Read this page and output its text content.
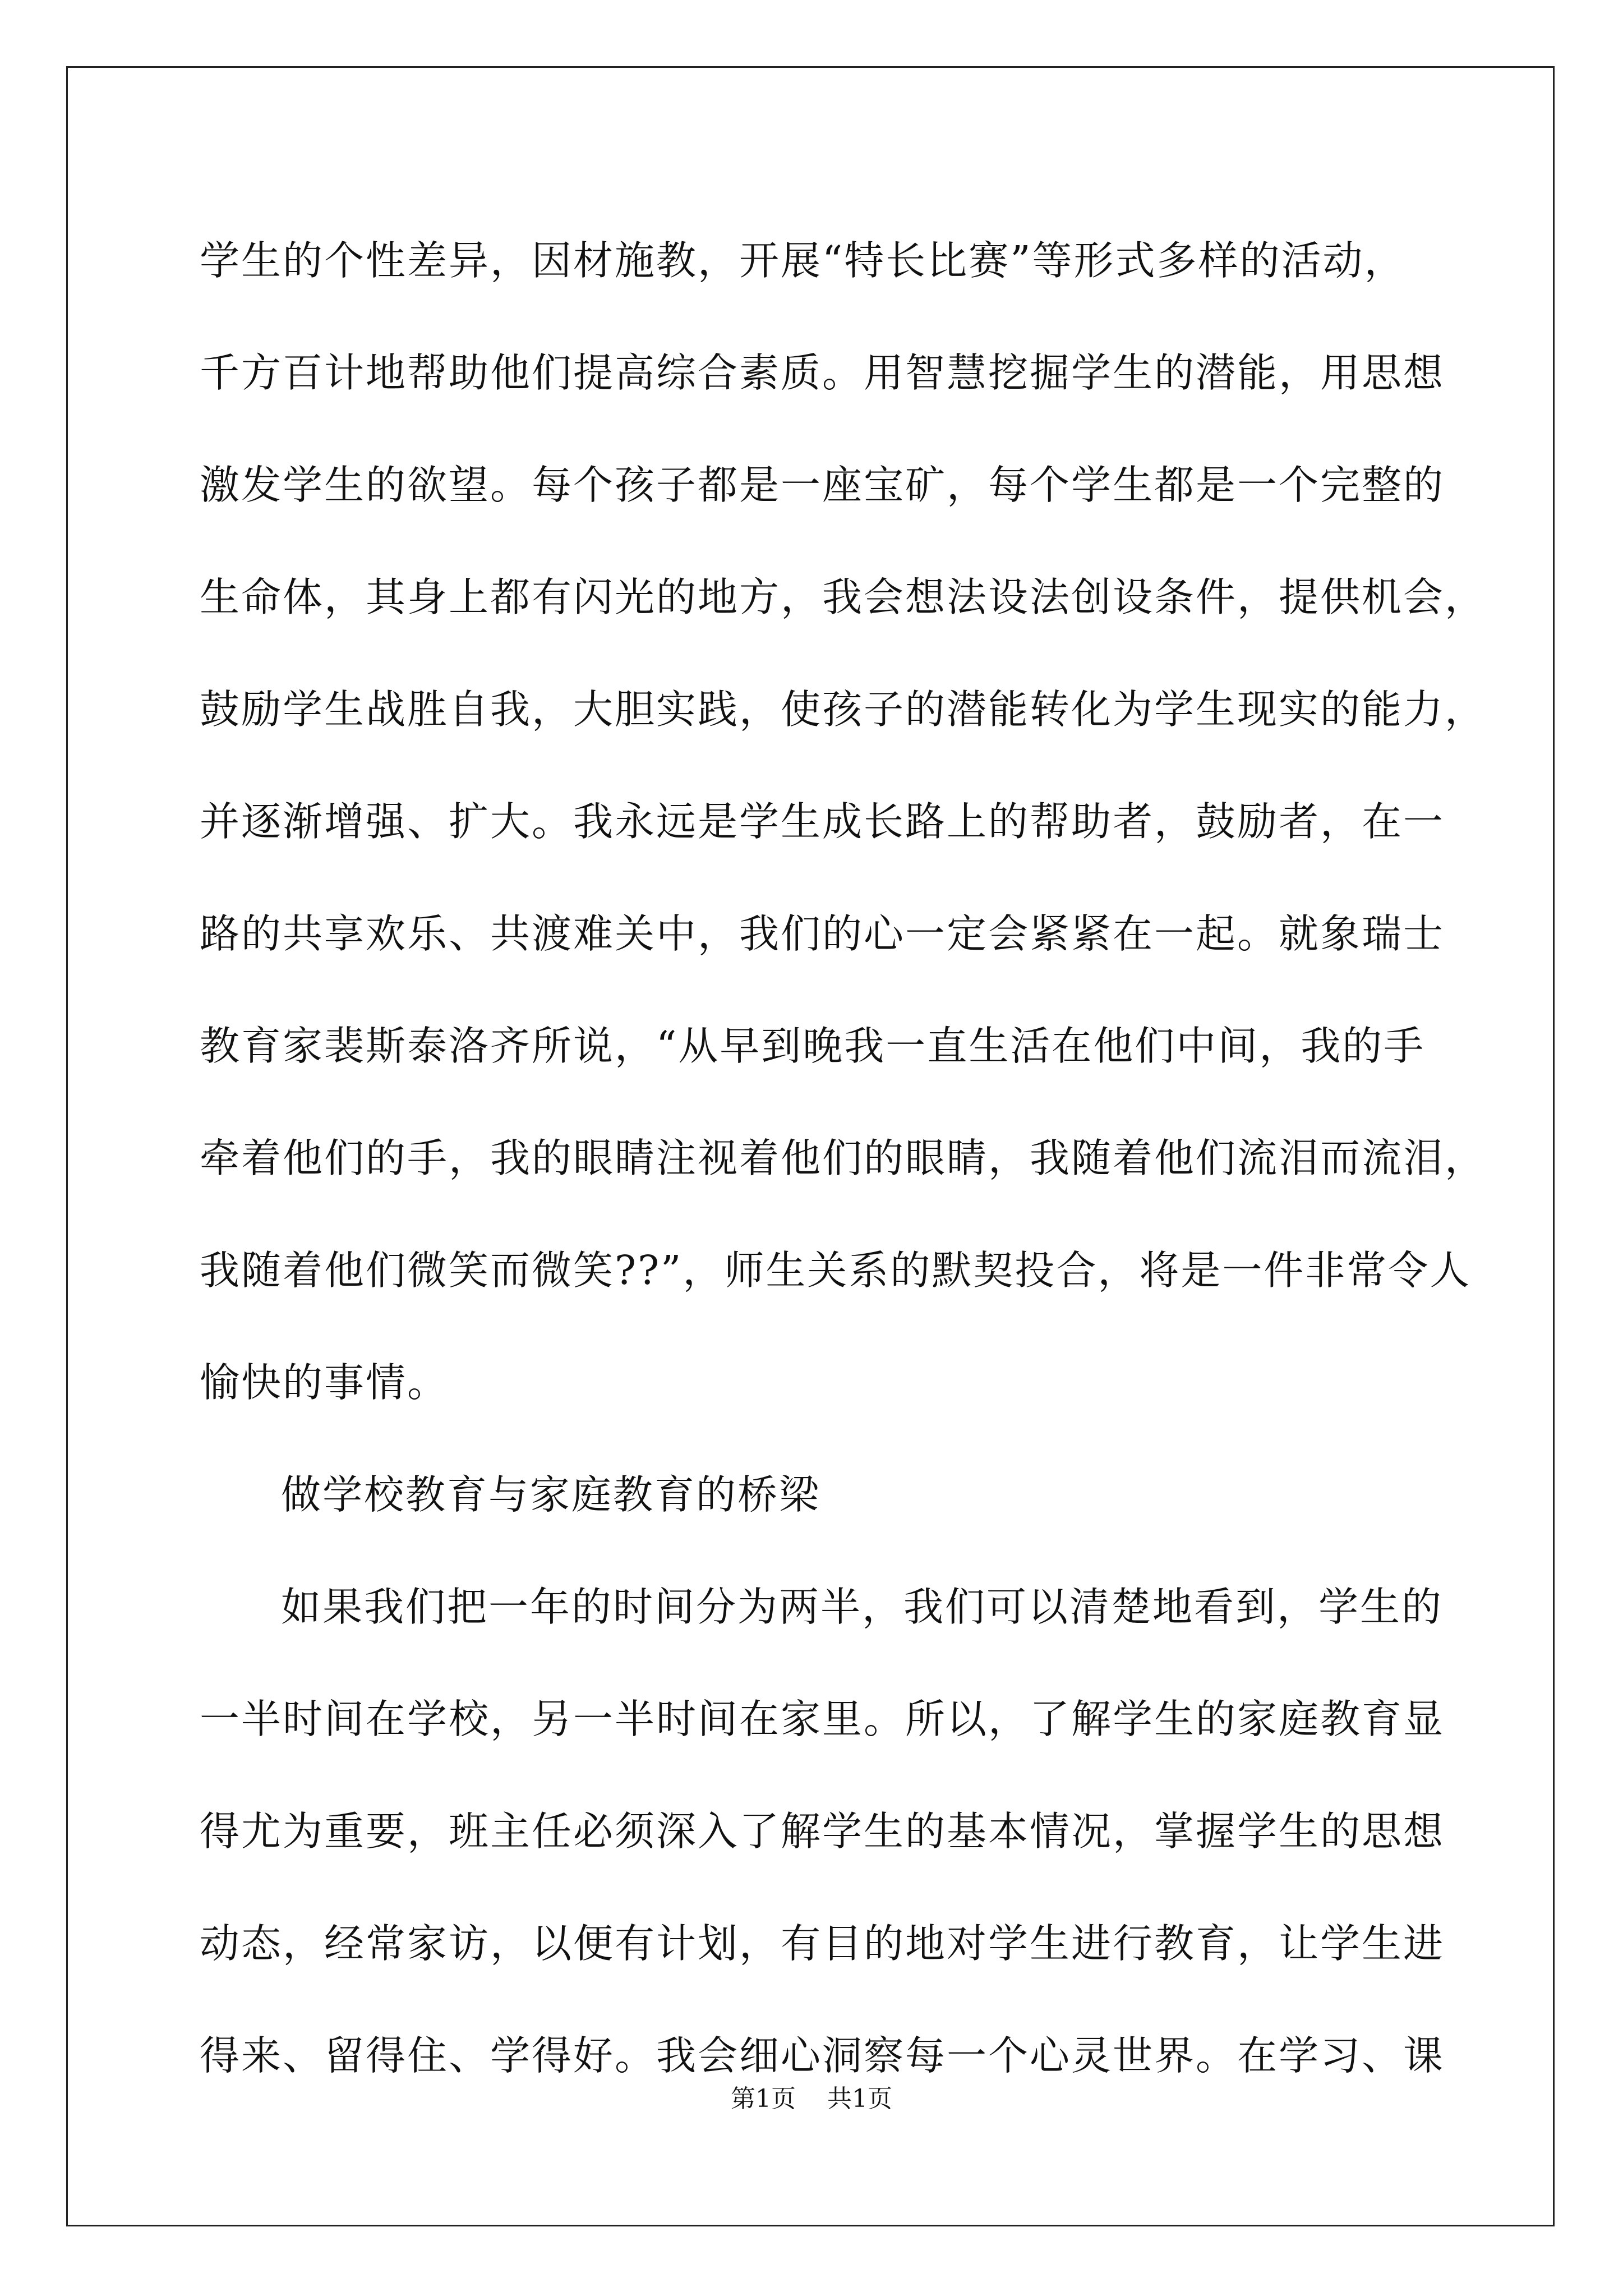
学生的个性差异，因材施教，开展“特长比赛”等形式多样的活动，
千方百计地帮助他们提高综合素质。用智慧挖掘学生的潜能，用思想
激发学生的欲望。每个孩子都是一座宝矿，每个学生都是一个完整的
生命体，其身上都有闪光的地方，我会想法设法创设条件，提供机会，
鼓励学生战胜自我，大胆实践，使孩子的潜能转化为学生现实的能力，
并逐渐增强、扩大。我永远是学生成长路上的帮助者，鼓励者，在一
路的共享欢乐、共渡难关中，我们的心一定会紧紧在一起。就象瑞士
教育家裴斯泰洛齐所说，“从早到晚我一直生活在他们中间，我的手
牵着他们的手，我的眼睛注视着他们的眼睛，我随着他们流泪而流泪，
我随着他们微笑而微笑??”，师生关系的默契投合，将是一件非常令人
愉快的事情。
做学校教育与家庭教育的桥梁
如果我们把一年的时间分为两半，我们可以清楚地看到，学生的
一半时间在学校，另一半时间在家里。所以，了解学生的家庭教育显
得尤为重要，班主任必须深入了解学生的基本情况，掌握学生的思想
动态，经常家访，以便有计划，有目的地对学生进行教育，让学生进
得来、留得住、学得好。我会细心洞察每一个心灵世界。在学习、课
第1页    共1页
